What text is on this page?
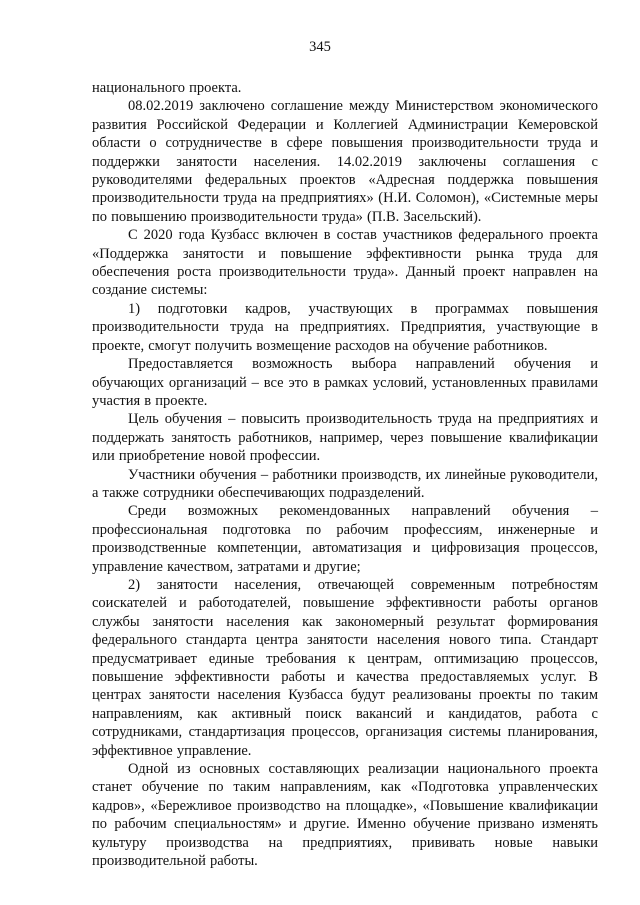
345

национального проекта.

08.02.2019 заключено соглашение между Министерством экономического развития Российской Федерации и Коллегией Администрации Кемеровской области о сотрудничестве в сфере повышения производительности труда и поддержки занятости населения. 14.02.2019 заключены соглашения с руководителями федеральных проектов «Адресная поддержка повышения производительности труда на предприятиях» (Н.И. Соломон), «Системные меры по повышению производительности труда» (П.В. Засельский).

С 2020 года Кузбасс включен в состав участников федерального проекта «Поддержка занятости и повышение эффективности рынка труда для обеспечения роста производительности труда». Данный проект направлен на создание системы:

1) подготовки кадров, участвующих в программах повышения производительности труда на предприятиях. Предприятия, участвующие в проекте, смогут получить возмещение расходов на обучение работников.

Предоставляется возможность выбора направлений обучения и обучающих организаций – все это в рамках условий, установленных правилами участия в проекте.

Цель обучения – повысить производительность труда на предприятиях и поддержать занятость работников, например, через повышение квалификации или приобретение новой профессии.

Участники обучения – работники производств, их линейные руководители, а также сотрудники обеспечивающих подразделений.

Среди возможных рекомендованных направлений обучения – профессиональная подготовка по рабочим профессиям, инженерные и производственные компетенции, автоматизация и цифровизация процессов, управление качеством, затратами и другие;

2) занятости населения, отвечающей современным потребностям соискателей и работодателей, повышение эффективности работы органов службы занятости населения как закономерный результат формирования федерального стандарта центра занятости населения нового типа. Стандарт предусматривает единые требования к центрам, оптимизацию процессов, повышение эффективности работы и качества предоставляемых услуг. В центрах занятости населения Кузбасса будут реализованы проекты по таким направлениям, как активный поиск вакансий и кандидатов, работа с сотрудниками, стандартизация процессов, организация системы планирования, эффективное управление.

Одной из основных составляющих реализации национального проекта станет обучение по таким направлениям, как «Подготовка управленческих кадров», «Бережливое производство на площадке», «Повышение квалификации по рабочим специальностям» и другие. Именно обучение призвано изменять культуру производства на предприятиях, прививать новые навыки производительной работы.
